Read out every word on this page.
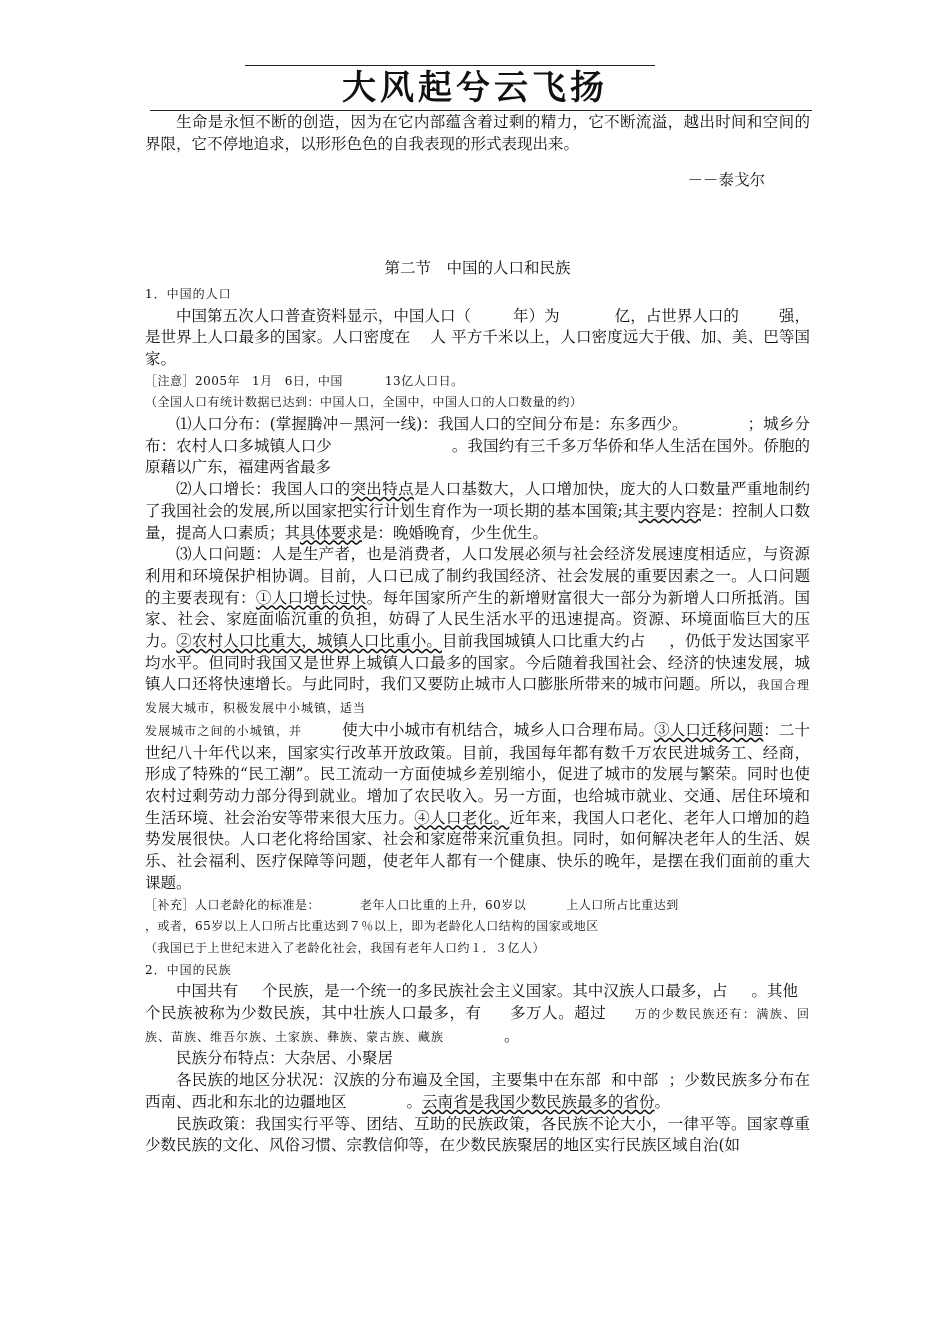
大风起兮云飞扬

生命是永恒不断的创造，因为在它内部蕴含着过剩的精力，它不断流溢，越出时间和空间的界限，它不停地追求，以形形色色的自我表现的形式表现出来。

－－泰戈尔

第二节　中国的人口和民族

1．中国的人口

中国第五次人口普查资料显示，中国人口（	年）为	亿，占世界人口的	强，是世界上人口最多的国家。人口密度在 人 平方千米以上，人口密度远大于俄、加、美、巴等国家。

［注意］2005年 1月 6日，中国	13亿人口日。

（全国人口有统计数据已达到：中国人口，全国中，中国人口的人口数量的约）

⑴人口分布：(掌握腾冲－黑河一线)：我国人口的空间分布是：东多西少。	；城乡分布：农村人口多城镇人口少	。我国约有三千多万华侨和华人生活在国外。侨胞的原藉以广东，福建两省最多

⑵人口增长：我国人口的突出特点是人口基数大，人口增加快，庞大的人口数量严重地制约了我国社会的发展,所以国家把实行计划生育作为一项长期的基本国策;其主要内容是：控制人口数量，提高人口素质；其具体要求是：晚婚晚育，少生优生。

⑶人口问题：人是生产者，也是消费者，人口发展必须与社会经济发展速度相适应，与资源利用和环境保护相协调。目前，人口已成了制约我国经济、社会发展的重要因素之一。人口问题的主要表现有：①人口增长过快。每年国家所产生的新增财富很大一部分为新增人口所抵消。国家、社会、家庭面临沉重的负担，妨碍了人民生活水平的迅速提高。资源、环境面临巨大的压力。②农村人口比重大，城镇人口比重小。目前我国城镇人口比重大约占 ，仍低于发达国家平均水平。但同时我国又是世界上城镇人口最多的国家。今后随着我国社会、经济的快速发展，城镇人口还将快速增长。与此同时，我们又要防止城市人口膨胀所带来的城市问题。所以，我国合理发展大城市，积极发展中小城镇，适当
发展城市之间的小城镇，并	使大中小城市有机结合，城乡人口合理布局。③人口迁移问题：二十世纪八十年代以来，国家实行改革开放政策。目前，我国每年都有数千万农民进城务工、经商，形成了特殊的“民工潮”。民工流动一方面使城乡差别缩小，促进了城市的发展与繁荣。同时也使农村过剩劳动力部分得到就业。增加了农民收入。另一方面，也给城市就业、交通、居住环境和生活环境、社会治安等带来很大压力。④人口老化。近年来，我国人口老化、老年人口增加的趋势发展很快。人口老化将给国家、社会和家庭带来沉重负担。同时，如何解决老年人的生活、娱乐、社会福利、医疗保障等问题，使老年人都有一个健康、快乐的晚年，是摆在我们面前的重大课题。

［补充］人口老龄化的标准是：	老年人口比重的上升，60岁以	上人口所占比重达到

，或者，65岁以上人口所占比重达到７％以上，即为老龄化人口结构的国家或地区

（我国已于上世纪末进入了老龄化社会，我国有老年人口约１．３亿人）

2．中国的民族

中国共有 个民族，是一个统一的多民族社会主义国家。其中汉族人口最多，占 。其他个民族被称为少数民族，其中壮族人口最多，有 多万人。超过 万的少数民族还有：满族、回族、苗族、维吾尔族、土家族、彝族、蒙古族、藏族	。

民族分布特点：大杂居、小聚居

各民族的地区分状况：汉族的分布遍及全国，主要集中在东部 和中部 ；少数民族多分布在西南、西北和东北的边疆地区	。云南省是我国少数民族最多的省份。

民族政策：我国实行平等、团结、互助的民族政策，各民族不论大小，一律平等。国家尊重少数民族的文化、风俗习惯、宗教信仰等，在少数民族聚居的地区实行民族区域自治(如
